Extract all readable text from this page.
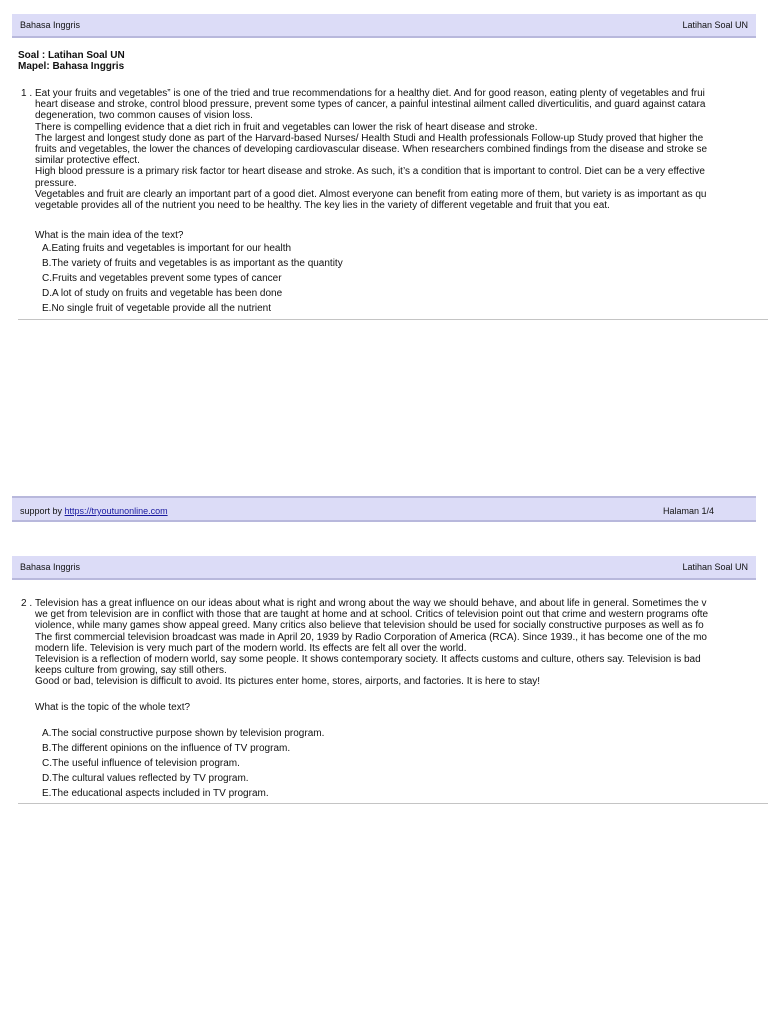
Bahasa Inggris	Latihan Soal UN
Soal : Latihan Soal UN
Mapel: Bahasa Inggris
1 . Eat your fruits and vegetables” is one of the tried and true recommendations for a healthy diet. And for good reason, eating plenty of vegetables and frui
heart disease and stroke, control blood pressure, prevent some types of cancer, a painful intestinal ailment called diverticulitis, and guard against catara
degeneration, two common causes of vision loss.
There is compelling evidence that a diet rich in fruit and vegetables can lower the risk of heart disease and stroke.
The largest and longest study done as part of the Harvard-based Nurses/ Health Studi and Health professionals Follow-up Study proved that higher the
fruits and vegetables, the lower the chances of developing cardiovascular disease. When researchers combined findings from the disease and stroke se
similar protective effect.
High blood pressure is a primary risk factor tor heart disease and stroke. As such, it’s a condition that is important to control. Diet can be a very effective
pressure.
Vegetables and fruit are clearly an important part of a good diet. Almost everyone can benefit from eating more of them, but variety is as important as qu
vegetable provides all of the nutrient you need to be healthy. The key lies in the variety of different vegetable and fruit that you eat.
What is the main idea of the text?
A.Eating fruits and vegetables is important for our health
B.The variety of fruits and vegetables is as important as the quantity
C.Fruits and vegetables prevent some types of cancer
D.A lot of study on fruits and vegetable has been done
E.No single fruit of vegetable provide all the nutrient
support by https://tryoutunonline.com	Halaman 1/4
Bahasa Inggris	Latihan Soal UN
2 . Television has a great influence on our ideas about what is right and wrong about the way we should behave, and about life in general. Sometimes the v
we get from television are in conflict with those that are taught at home and at school. Critics of television point out that crime and western programs ofte
violence, while many games show appeal greed. Many critics also believe that television should be used for socially constructive purposes as well as fo
The first commercial television broadcast was made in April 20, 1939 by Radio Corporation of America (RCA). Since 1939., it has become one of the mo
modern life. Television is very much part of the modern world. Its effects are felt all over the world.
Television is a reflection of modern world, say some people. It shows contemporary society. It affects customs and culture, others say. Television is bad
keeps culture from growing, say still others.
Good or bad, television is difficult to avoid. Its pictures enter home, stores, airports, and factories. It is here to stay!
What is the topic of the whole text?
A.The social constructive purpose shown by television program.
B.The different opinions on the influence of TV program.
C.The useful influence of television program.
D.The cultural values reflected by TV program.
E.The educational aspects included in TV program.
